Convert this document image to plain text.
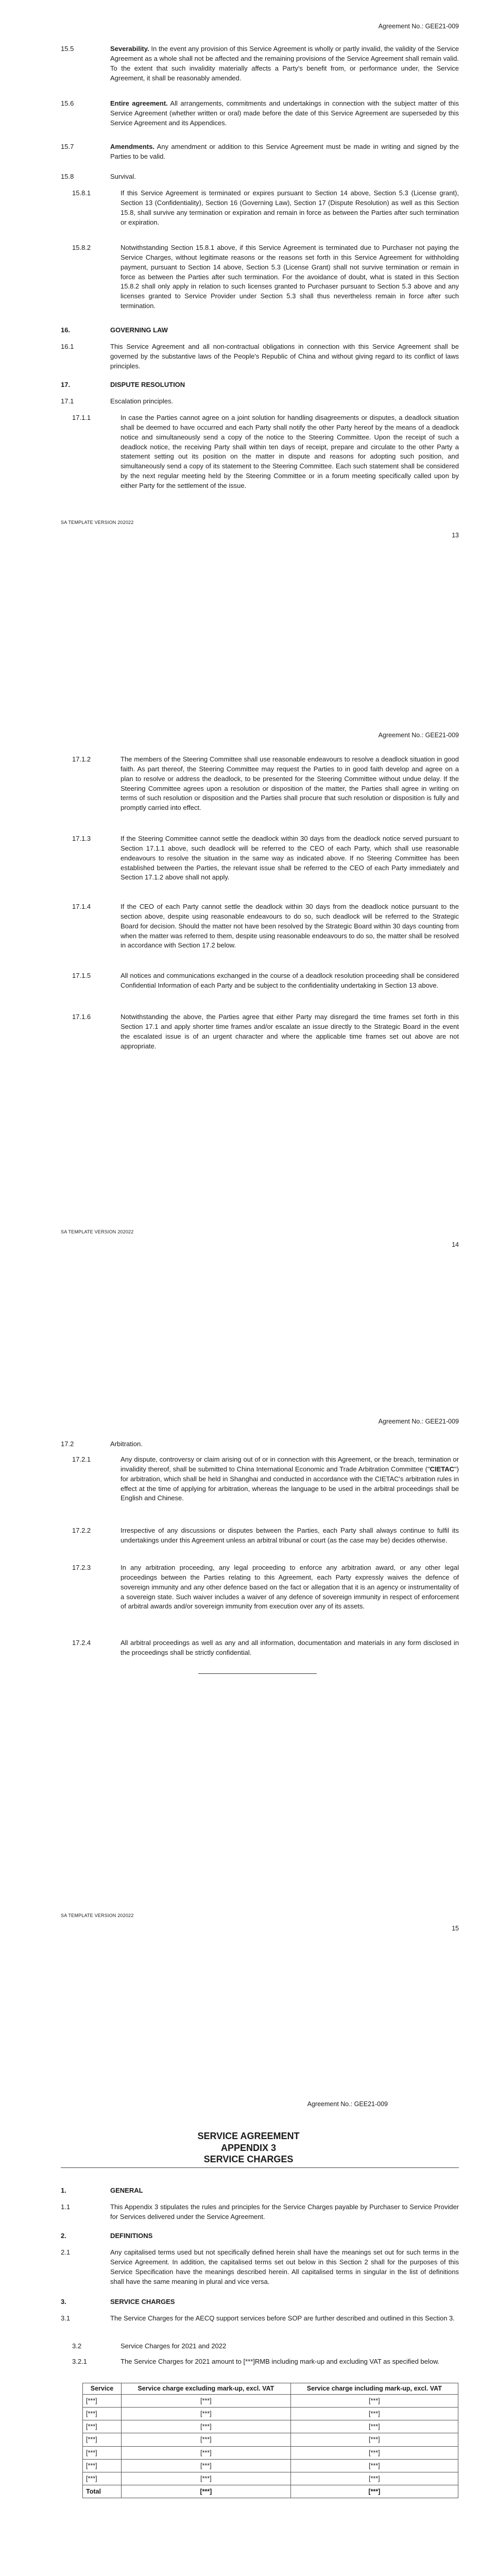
Agreement No.: GEE21-009
15.5	Severability. In the event any provision of this Service Agreement is wholly or partly invalid, the validity of the Service Agreement as a whole shall not be affected and the remaining provisions of the Service Agreement shall remain valid. To the extent that such invalidity materially affects a Party's benefit from, or performance under, the Service Agreement, it shall be reasonably amended.
15.6	Entire agreement. All arrangements, commitments and undertakings in connection with the subject matter of this Service Agreement (whether written or oral) made before the date of this Service Agreement are superseded by this Service Agreement and its Appendices.
15.7	Amendments. Any amendment or addition to this Service Agreement must be made in writing and signed by the Parties to be valid.
15.8	Survival.
15.8.1	If this Service Agreement is terminated or expires pursuant to Section 14 above, Section 5.3 (License grant), Section 13 (Confidentiality), Section 16 (Governing Law), Section 17 (Dispute Resolution) as well as this Section 15.8, shall survive any termination or expiration and remain in force as between the Parties after such termination or expiration.
15.8.2	Notwithstanding Section 15.8.1 above, if this Service Agreement is terminated due to Purchaser not paying the Service Charges, without legitimate reasons or the reasons set forth in this Service Agreement for withholding payment, pursuant to Section 14 above, Section 5.3 (License Grant) shall not survive termination or remain in force as between the Parties after such termination. For the avoidance of doubt, what is stated in this Section 15.8.2 shall only apply in relation to such licenses granted to Purchaser pursuant to Section 5.3 above and any licenses granted to Service Provider under Section 5.3 shall thus nevertheless remain in force after such termination.
16.	GOVERNING LAW
16.1	This Service Agreement and all non-contractual obligations in connection with this Service Agreement shall be governed by the substantive laws of the People's Republic of China and without giving regard to its conflict of laws principles.
17.	DISPUTE RESOLUTION
17.1	Escalation principles.
17.1.1	In case the Parties cannot agree on a joint solution for handling disagreements or disputes, a deadlock situation shall be deemed to have occurred and each Party shall notify the other Party hereof by the means of a deadlock notice and simultaneously send a copy of the notice to the Steering Committee. Upon the receipt of such a deadlock notice, the receiving Party shall within ten days of receipt, prepare and circulate to the other Party a statement setting out its position on the matter in dispute and reasons for adopting such position, and simultaneously send a copy of its statement to the Steering Committee. Each such statement shall be considered by the next regular meeting held by the Steering Committee or in a forum meeting specifically called upon by either Party for the settlement of the issue.
SA TEMPLATE VERSION 202022
13
Agreement No.: GEE21-009
17.1.2	The members of the Steering Committee shall use reasonable endeavours to resolve a deadlock situation in good faith. As part thereof, the Steering Committee may request the Parties to in good faith develop and agree on a plan to resolve or address the deadlock, to be presented for the Steering Committee without undue delay. If the Steering Committee agrees upon a resolution or disposition of the matter, the Parties shall agree in writing on terms of such resolution or disposition and the Parties shall procure that such resolution or disposition is fully and promptly carried into effect.
17.1.3	If the Steering Committee cannot settle the deadlock within 30 days from the deadlock notice served pursuant to Section 17.1.1 above, such deadlock will be referred to the CEO of each Party, which shall use reasonable endeavours to resolve the situation in the same way as indicated above. If no Steering Committee has been established between the Parties, the relevant issue shall be referred to the CEO of each Party immediately and Section 17.1.2 above shall not apply.
17.1.4	If the CEO of each Party cannot settle the deadlock within 30 days from the deadlock notice pursuant to the section above, despite using reasonable endeavours to do so, such deadlock will be referred to the Strategic Board for decision. Should the matter not have been resolved by the Strategic Board within 30 days counting from when the matter was referred to them, despite using reasonable endeavours to do so, the matter shall be resolved in accordance with Section 17.2 below.
17.1.5	All notices and communications exchanged in the course of a deadlock resolution proceeding shall be considered Confidential Information of each Party and be subject to the confidentiality undertaking in Section 13 above.
17.1.6	Notwithstanding the above, the Parties agree that either Party may disregard the time frames set forth in this Section 17.1 and apply shorter time frames and/or escalate an issue directly to the Strategic Board in the event the escalated issue is of an urgent character and where the applicable time frames set out above are not appropriate.
SA TEMPLATE VERSION 202022
14
Agreement No.: GEE21-009
17.2	Arbitration.
17.2.1	Any dispute, controversy or claim arising out of or in connection with this Agreement, or the breach, termination or invalidity thereof, shall be submitted to China International Economic and Trade Arbitration Committee ("CIETAC") for arbitration, which shall be held in Shanghai and conducted in accordance with the CIETAC's arbitration rules in effect at the time of applying for arbitration, whereas the language to be used in the arbitral proceedings shall be English and Chinese.
17.2.2	Irrespective of any discussions or disputes between the Parties, each Party shall always continue to fulfil its undertakings under this Agreement unless an arbitral tribunal or court (as the case may be) decides otherwise.
17.2.3	In any arbitration proceeding, any legal proceeding to enforce any arbitration award, or any other legal proceedings between the Parties relating to this Agreement, each Party expressly waives the defence of sovereign immunity and any other defence based on the fact or allegation that it is an agency or instrumentality of a sovereign state. Such waiver includes a waiver of any defence of sovereign immunity in respect of enforcement of arbitral awards and/or sovereign immunity from execution over any of its assets.
17.2.4	All arbitral proceedings as well as any and all information, documentation and materials in any form disclosed in the proceedings shall be strictly confidential.
SA TEMPLATE VERSION 202022
15
Agreement No.: GEE21-009
SERVICE AGREEMENT
APPENDIX 3
SERVICE CHARGES
1.	GENERAL
1.1	This Appendix 3 stipulates the rules and principles for the Service Charges payable by Purchaser to Service Provider for Services delivered under the Service Agreement.
2.	DEFINITIONS
2.1	Any capitalised terms used but not specifically defined herein shall have the meanings set out for such terms in the Service Agreement. In addition, the capitalised terms set out below in this Section 2 shall for the purposes of this Service Specification have the meanings described herein. All capitalised terms in singular in the list of definitions shall have the same meaning in plural and vice versa.
3.	SERVICE CHARGES
3.1	The Service Charges for the AECQ support services before SOP are further described and outlined in this Section 3.
3.2	Service Charges for 2021 and 2022
3.2.1	The Service Charges for 2021 amount to [***]RMB including mark-up and excluding VAT as specified below.
Service	Service charge excluding mark-up, excl. VAT	Service charge including mark-up, excl. VAT
[***]	[***]	[***]
[***]	[***]	[***]
[***]	[***]	[***]
[***]	[***]	[***]
[***]	[***]	[***]
[***]	[***]	[***]
[***]	[***]	[***]
Total	[***]	[***]
